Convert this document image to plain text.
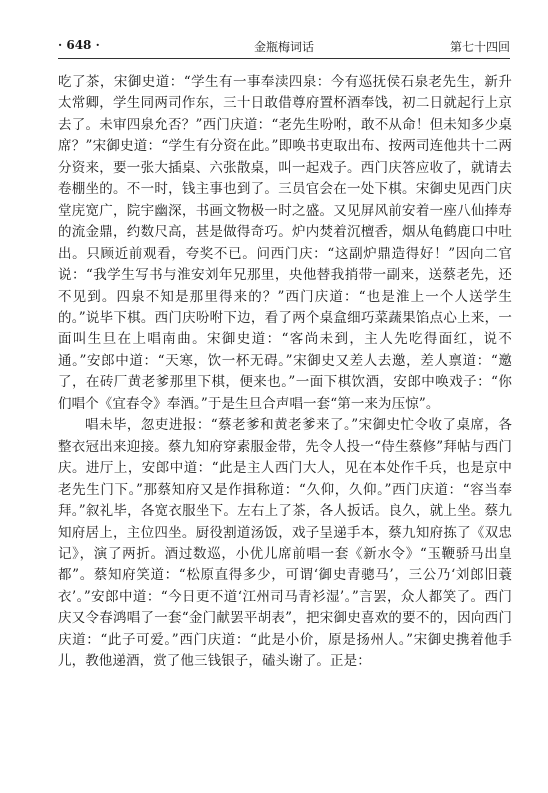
· 648 ·	金瓶梅词话	第七十四回

吃了茶，宋御史道：“学生有一事奉渎四泉：今有巡抚侯石泉老先生，新升太常卿，学生同两司作东，三十日敢借尊府置杯酒奉饯，初二日就起行上京去了。未审四泉允否？”西门庆道：“老先生吩咐，敢不从命！但未知多少桌席？”宋御史道：“学生有分资在此。”即唤书吏取出布、按两司连他共十二两分资来，要一张大插桌、六张散桌，叫一起戏子。西门庆答应收了，就请去卷棚坐的。不一时，钱主事也到了。三员官会在一处下棋。宋御史见西门庆堂庑宽广，院宇幽深，书画文物极一时之盛。又见屏风前安着一座八仙捧寿的流金鼎，约数尺高，甚是做得奇巧。炉内焚着沉檀香，烟从龟鹤鹿口中吐出。只顾近前观看，夸奖不已。问西门庆：“这副炉鼎造得好！”因向二官说：“我学生写书与淮安刘年兄那里，央他替我捎带一副来，送蔡老先，还不见到。四泉不知是那里得来的？”西门庆道：“也是淮上一个人送学生的。”说毕下棋。西门庆吩咐下边，看了两个桌盒细巧菜蔬果馅点心上来，一面叫生旦在上唱南曲。宋御史道：“客尚未到，主人先吃得面红，说不通。”安郎中道：“天寒，饮一杯无碍。”宋御史又差人去邀，差人禀道：“邀了，在砖厂黄老爹那里下棋，便来也。”一面下棋饮酒，安郎中唤戏子：“你们唱个《宜春令》奉酒。”于是生旦合声唱一套“第一来为压惊”。

唱未毕，忽吏进报：“蔡老爹和黄老爹来了。”宋御史忙令收了桌席，各整衣冠出来迎接。蔡九知府穿素服金带，先令人投一“侍生蔡修”拜帖与西门庆。进厅上，安郎中道：“此是主人西门大人，见在本处作千兵，也是京中老先生门下。”那蔡知府又是作揖称道：“久仰，久仰。”西门庆道：“容当奉拜。”叙礼毕，各宽衣服坐下。左右上了茶，各人扳话。良久，就上坐。蔡九知府居上，主位四坐。厨役割道汤饭，戏子呈递手本，蔡九知府拣了《双忠记》，演了两折。酒过数巡，小优儿席前唱一套《新水令》“玉鞭骄马出皇都”。蔡知府笑道：“松原直得多少，可谓‘御史青骢马’，三公乃‘刘郎旧蓑衣’。”安郎中道：“今日更不道‘江州司马青衫湿’。”言罢，众人都笑了。西门庆又令春鸿唱了一套“金门献罢平胡表”，把宋御史喜欢的要不的，因向西门庆道：“此子可爱。”西门庆道：“此是小价，原是扬州人。”宋御史携着他手儿，教他递酒，赏了他三钱银子，磕头谢了。正是：
